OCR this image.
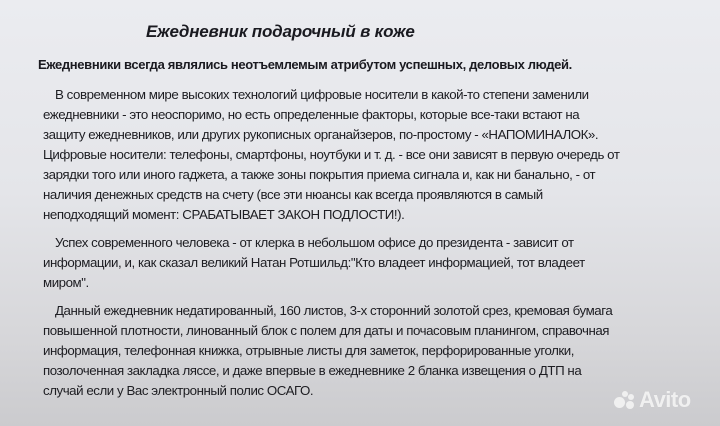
Ежедневник подарочный в коже
Ежедневники всегда являлись неотъемлемым атрибутом успешных, деловых людей.
В современном мире высоких технологий цифровые носители в какой-то степени заменили
ежедневники - это неоспоримо, но есть определенные факторы, которые все-таки встают на
защиту ежедневников, или других рукописных органайзеров, по-простому - «НАПОМИНАЛОК».
Цифровые носители: телефоны, смартфоны, ноутбуки и т. д. - все они зависят в первую очередь от
зарядки того или иного гаджета, а также зоны покрытия приема сигнала и, как ни банально, - от
наличия денежных средств на счету (все эти нюансы как всегда проявляются в самый
неподходящий момент: СРАБАТЫВАЕТ ЗАКОН ПОДЛОСТИ!).
Успех современного человека - от клерка в небольшом офисе до президента - зависит от
информации, и, как сказал великий Натан Ротшильд:"Кто владеет информацией, тот владеет
миром".
Данный ежедневник недатированный, 160 листов, 3-х сторонний золотой срез, кремовая бумага
повышенной плотности, линованный блок с полем для даты и почасовым планингом, справочная
информация, телефонная книжка, отрывные листы для заметок, перфорированные уголки,
позолоченная закладка ляссе, и даже впервые в ежедневнике 2 бланка извещения о ДТП на
случай если у Вас электронный полис ОСАГО.	Avito
